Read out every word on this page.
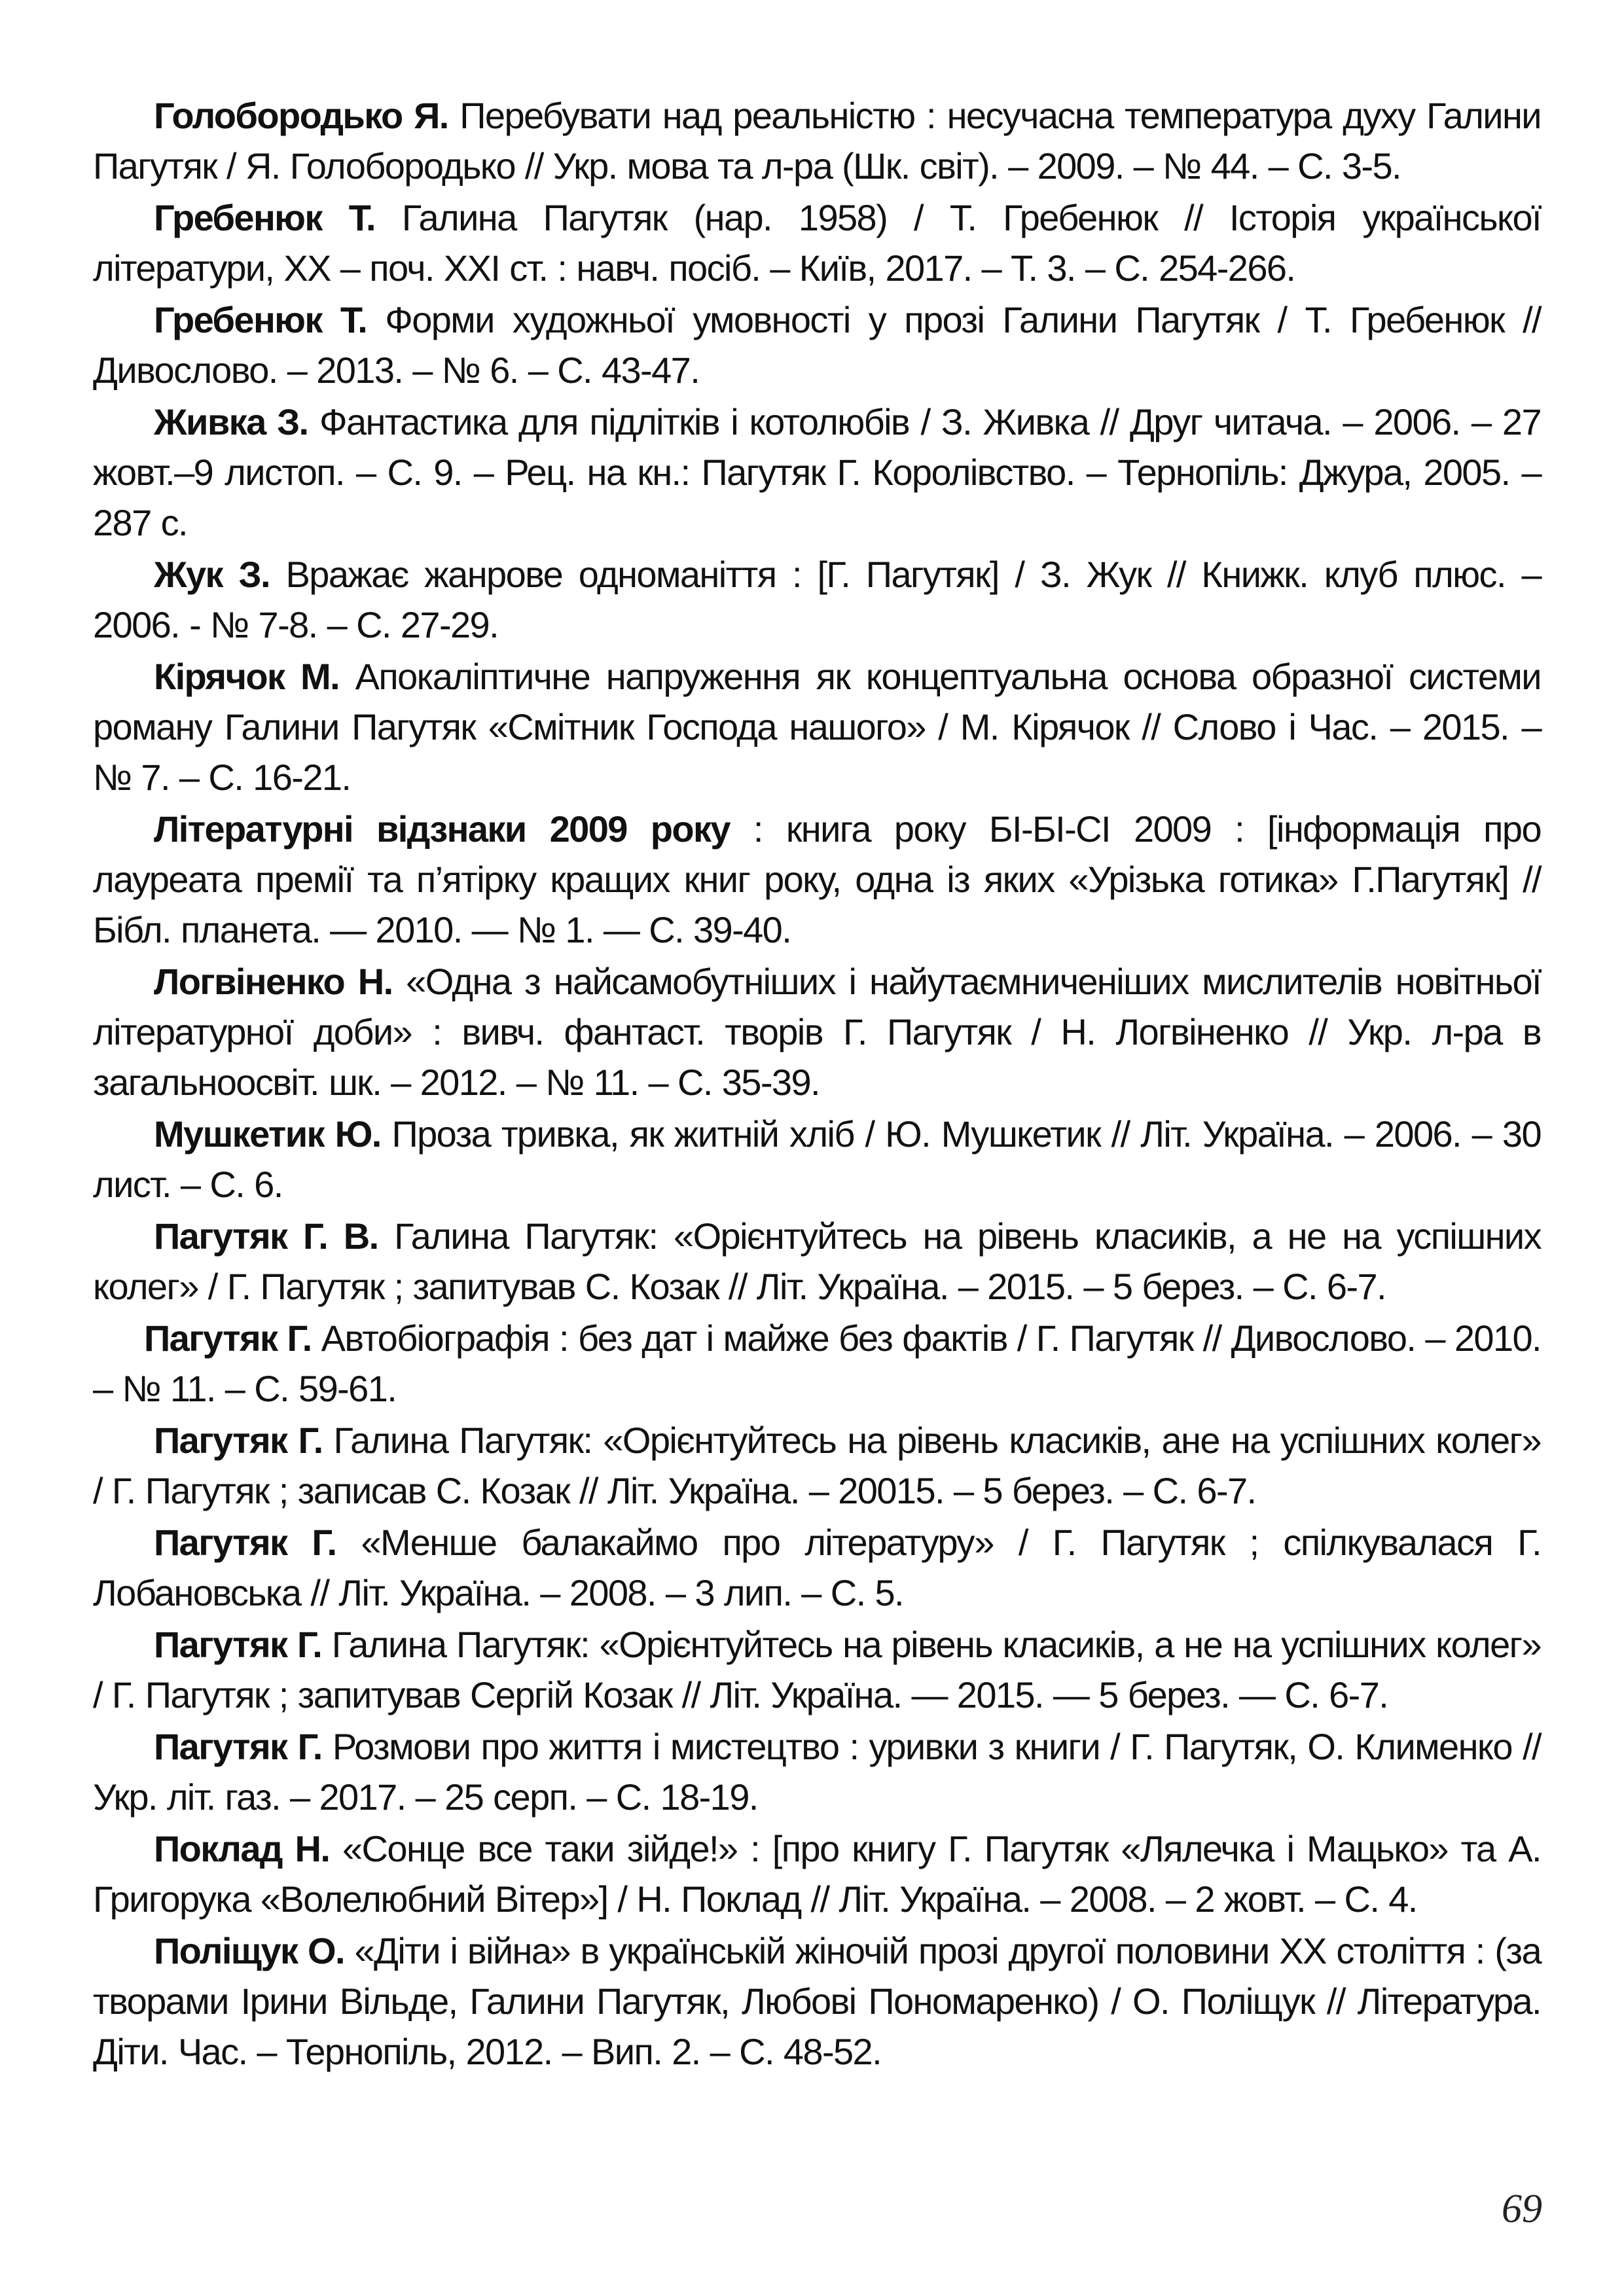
Голобородько Я. Перебувати над реальністю : несучасна температура духу Галини Пагутяк / Я. Голобородько // Укр. мова та л-ра (Шк. світ). – 2009. – № 44. – С. 3-5.

Гребенюк Т. Галина Пагутяк (нар. 1958) / Т. Гребенюк // Історія української літератури, ХХ – поч. ХХІ ст. : навч. посіб. – Київ, 2017. – Т. 3. – С. 254-266.

Гребенюк Т. Форми художньої умовності у прозі Галини Пагутяк / Т. Гребенюк // Дивослово. – 2013. – № 6. – С. 43-47.

Живка З. Фантастика для підлітків і котолюбів / З. Живка // Друг читача. – 2006. – 27 жовт.–9 листоп. – С. 9. – Рец. на кн.: Пагутяк Г. Королівство. – Тернопіль: Джура, 2005. – 287 с.

Жук З. Вражає жанрове одноманіття : [Г. Пагутяк] / З. Жук // Книжк. клуб плюс. – 2006. - № 7-8. – С. 27-29.

Кірячок М. Апокаліптичне напруження як концептуальна основа образної системи роману Галини Пагутяк «Смітник Господа нашого» / М. Кірячок // Слово і Час. – 2015. – № 7. – С. 16-21.

Літературні відзнаки 2009 року : книга року БІ-БІ-СІ 2009 : [інформація про лауреата премії та п’ятірку кращих книг року, одна із яких «Урізька готика» Г.Пагутяк] // Бібл. планета. — 2010. — № 1. — С. 39-40.

Логвіненко Н. «Одна з найсамобутніших і найутаємниченіших мислителів новітньої літературної доби» : вивч. фантаст. творів Г. Пагутяк / Н. Логвіненко // Укр. л-ра в загальноосвіт. шк. – 2012. – № 11. – С. 35-39.

Мушкетик Ю. Проза тривка, як житній хліб / Ю. Мушкетик // Літ. Україна. – 2006. – 30 лист. – С. 6.

Пагутяк Г. В. Галина Пагутяк: «Орієнтуйтесь на рівень класиків, а не на успішних колег» / Г. Пагутяк ; запитував С. Козак // Літ. Україна. – 2015. – 5 берез. – С. 6-7.

Пагутяк Г. Автобіографія : без дат і майже без фактів / Г. Пагутяк // Дивослово. – 2010. – № 11. – С. 59-61.

Пагутяк Г. Галина Пагутяк: «Орієнтуйтесь на рівень класиків, ане на успішних колег» / Г. Пагутяк ; записав С. Козак // Літ. Україна. – 20015. – 5 берез. – С. 6-7.

Пагутяк Г. «Менше балакаймо про літературу» / Г. Пагутяк ; спілкувалася Г. Лобановська // Літ. Україна. – 2008. – 3 лип. – С. 5.

Пагутяк Г. Галина Пагутяк: «Орієнтуйтесь на рівень класиків, а не на успішних колег» / Г. Пагутяк ; запитував Сергій Козак // Літ. Україна. — 2015. — 5 берез. — С. 6-7.

Пагутяк Г. Розмови про життя і мистецтво : уривки з книги / Г. Пагутяк, О. Клименко // Укр. літ. газ. – 2017. – 25 серп. – С. 18-19.

Поклад Н. «Сонце все таки зійде!» : [про книгу Г. Пагутяк «Лялечка і Мацько» та А. Григорука «Волелюбний Вітер»] / Н. Поклад // Літ. Україна. – 2008. – 2 жовт. – С. 4.

Поліщук О. «Діти і війна» в українській жіночій прозі другої половини ХХ століття : (за творами Ірини Вільде, Галини Пагутяк, Любові Пономаренко) / О. Поліщук // Література. Діти. Час. – Тернопіль, 2012. – Вип. 2. – С. 48-52.

69
